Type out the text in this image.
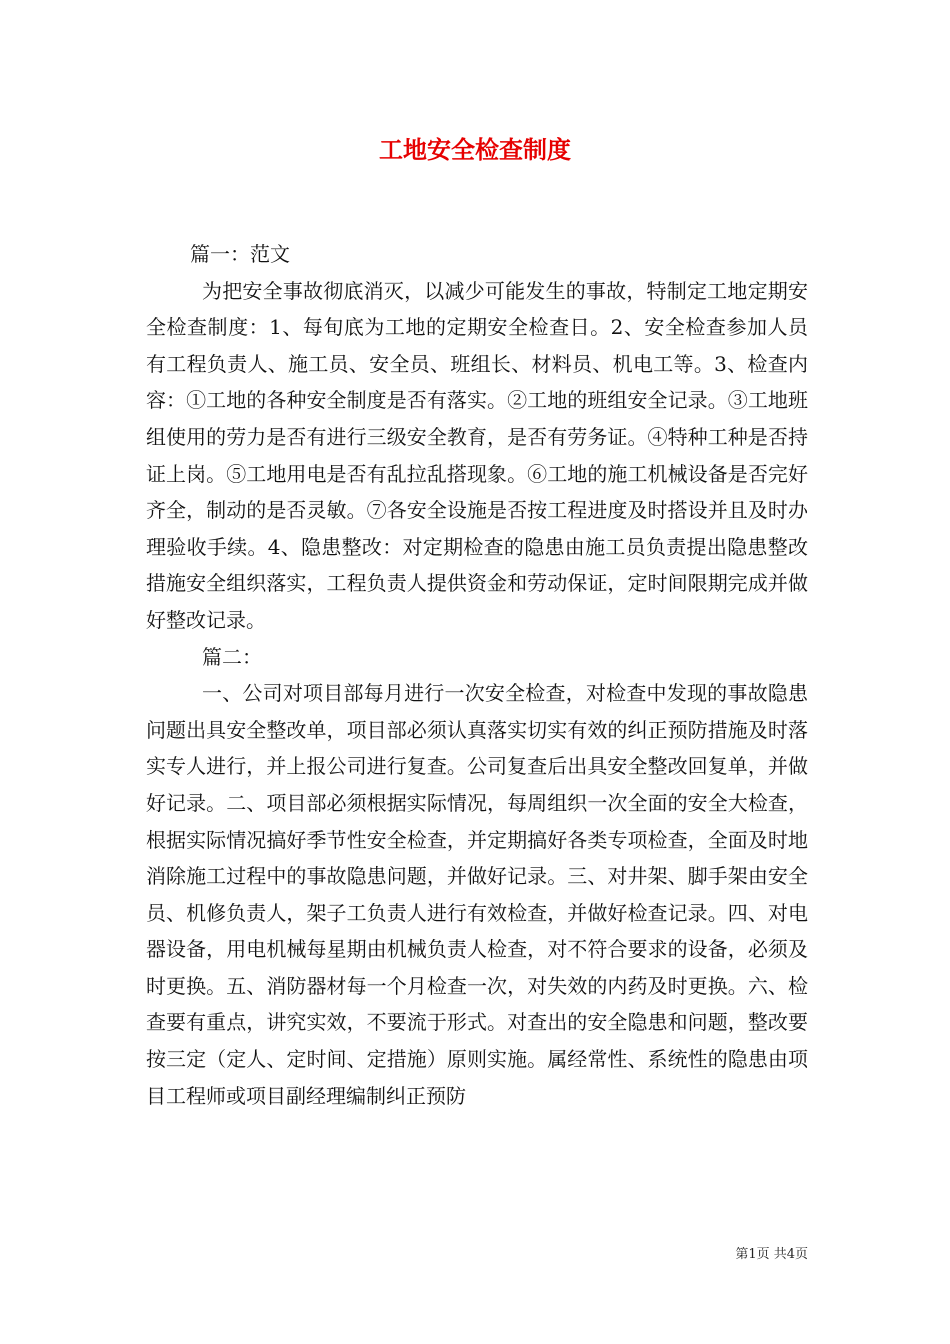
工地安全检查制度

篇一：范文

为把安全事故彻底消灭，以减少可能发生的事故，特制定工地定期安全检查制度：1、每旬底为工地的定期安全检查日。2、安全检查参加人员有工程负责人、施工员、安全员、班组长、材料员、机电工等。3、检查内容：①工地的各种安全制度是否有落实。②工地的班组安全记录。③工地班组使用的劳力是否有进行三级安全教育，是否有劳务证。④特种工种是否持证上岗。⑤工地用电是否有乱拉乱搭现象。⑥工地的施工机械设备是否完好齐全，制动的是否灵敏。⑦各安全设施是否按工程进度及时搭设并且及时办理验收手续。4、隐患整改：对定期检查的隐患由施工员负责提出隐患整改措施安全组织落实，工程负责人提供资金和劳动保证，定时间限期完成并做好整改记录。

篇二：

一、公司对项目部每月进行一次安全检查，对检查中发现的事故隐患问题出具安全整改单，项目部必须认真落实切实有效的纠正预防措施及时落实专人进行，并上报公司进行复查。公司复查后出具安全整改回复单，并做好记录。二、项目部必须根据实际情况，每周组织一次全面的安全大检查，根据实际情况搞好季节性安全检查，并定期搞好各类专项检查，全面及时地消除施工过程中的事故隐患问题，并做好记录。三、对井架、脚手架由安全员、机修负责人，架子工负责人进行有效检查，并做好检查记录。四、对电器设备，用电机械每星期由机械负责人检查，对不符合要求的设备，必须及时更换。五、消防器材每一个月检查一次，对失效的内药及时更换。六、检查要有重点，讲究实效，不要流于形式。对查出的安全隐患和问题，整改要按三定（定人、定时间、定措施）原则实施。属经常性、系统性的隐患由项目工程师或项目副经理编制纠正预防

第1页 共4页
